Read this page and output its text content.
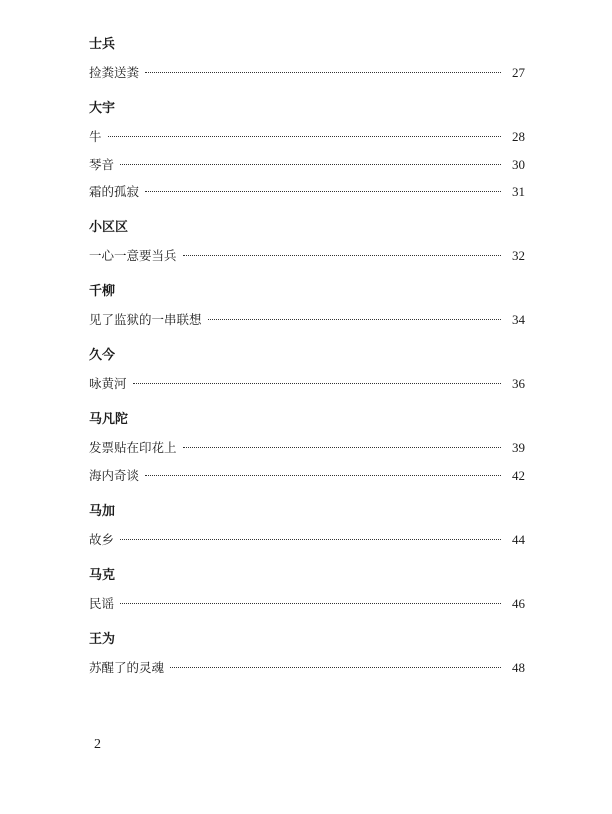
士兵
捡粪送粪	27
大宇
牛	28
琴音	30
霜的孤寂	31
小区区
一心一意要当兵	32
千柳
见了监狱的一串联想	34
久今
咏黄河	36
马凡陀
发票贴在印花上	39
海内奇谈	42
马加
故乡	44
马克
民谣	46
王为
苏醒了的灵魂	48
2
